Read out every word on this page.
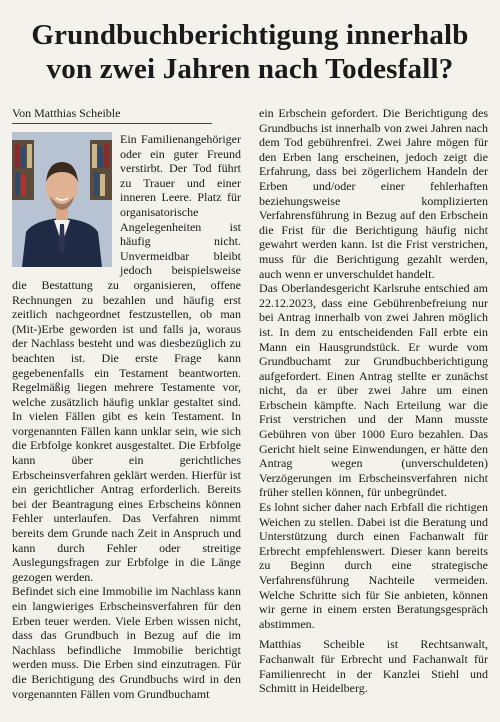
Grundbuchberichtigung innerhalb
von zwei Jahren nach Todesfall?
Von Matthias Scheible

Ein Familienangehöriger oder ein guter Freund verstirbt. Der Tod führt zu Trauer und einer inneren Leere. Platz für organisatorische Angelegenheiten ist häufig nicht. Unvermeidbar bleibt jedoch beispielsweise die Bestattung zu organisieren, offene Rechnungen zu bezahlen und häufig erst zeitlich nachgeordnet festzustellen, ob man (Mit-)Erbe geworden ist und falls ja, woraus der Nachlass besteht und was diesbezüglich zu beachten ist. Die erste Frage kann gegebenenfalls ein Testament beantworten. Regelmäßig liegen mehrere Testamente vor, welche zusätzlich häufig unklar gestaltet sind. In vielen Fällen gibt es kein Testament. In vorgenannten Fällen kann unklar sein, wie sich die Erbfolge konkret ausgestaltet. Die Erbfolge kann über ein gerichtliches Erbscheinsverfahren geklärt werden. Hierfür ist ein gerichtlicher Antrag erforderlich. Bereits bei der Beantragung eines Erbscheins können Fehler unterlaufen. Das Verfahren nimmt bereits dem Grunde nach Zeit in Anspruch und kann durch Fehler oder streitige Auslegungsfragen zur Erbfolge in die Länge gezogen werden.

Befindet sich eine Immobilie im Nachlass kann ein langwieriges Erbscheinsverfahren für den Erben teuer werden. Viele Erben wissen nicht, dass das Grundbuch in Bezug auf die im Nachlass befindliche Immobilie berichtigt werden muss. Die Erben sind einzutragen. Für die Berichtigung des Grundbuchs wird in den vorgenannten Fällen vom Grundbuchamt

ein Erbschein gefordert. Die Berichtigung des Grundbuchs ist innerhalb von zwei Jahren nach dem Tod gebührenfrei. Zwei Jahre mögen für den Erben lang erscheinen, jedoch zeigt die Erfahrung, dass bei zögerlichem Handeln der Erben und/oder einer fehlerhaften beziehungsweise komplizierten Verfahrensführung in Bezug auf den Erbschein die Frist für die Berichtigung häufig nicht gewahrt werden kann. Ist die Frist verstrichen, muss für die Berichtigung gezahlt werden, auch wenn er unverschuldet handelt.

Das Oberlandesgericht Karlsruhe entschied am 22.12.2023, dass eine Gebührenbefreiung nur bei Antrag innerhalb von zwei Jahren möglich ist. In dem zu entscheidenden Fall erbte ein Mann ein Hausgrundstück. Er wurde vom Grundbuchamt zur Grundbuchberichtigung aufgefordert. Einen Antrag stellte er zunächst nicht, da er über zwei Jahre um einen Erbschein kämpfte. Nach Erteilung war die Frist verstrichen und der Mann musste Gebühren von über 1000 Euro bezahlen. Das Gericht hielt seine Einwendungen, er hätte den Antrag wegen (unverschuldeten) Verzögerungen im Erbscheinsverfahren nicht früher stellen können, für unbegründet.

Es lohnt sicher daher nach Erbfall die richtigen Weichen zu stellen. Dabei ist die Beratung und Unterstützung durch einen Fachanwalt für Erbrecht empfehlenswert. Dieser kann bereits zu Beginn durch eine strategische Verfahrensführung Nachteile vermeiden. Welche Schritte sich für Sie anbieten, können wir gerne in einem ersten Beratungsgespräch abstimmen.

Matthias Scheible ist Rechtsanwalt, Fachanwalt für Erbrecht und Fachanwalt für Familienrecht in der Kanzlei Stiehl und Schmitt in Heidelberg.
